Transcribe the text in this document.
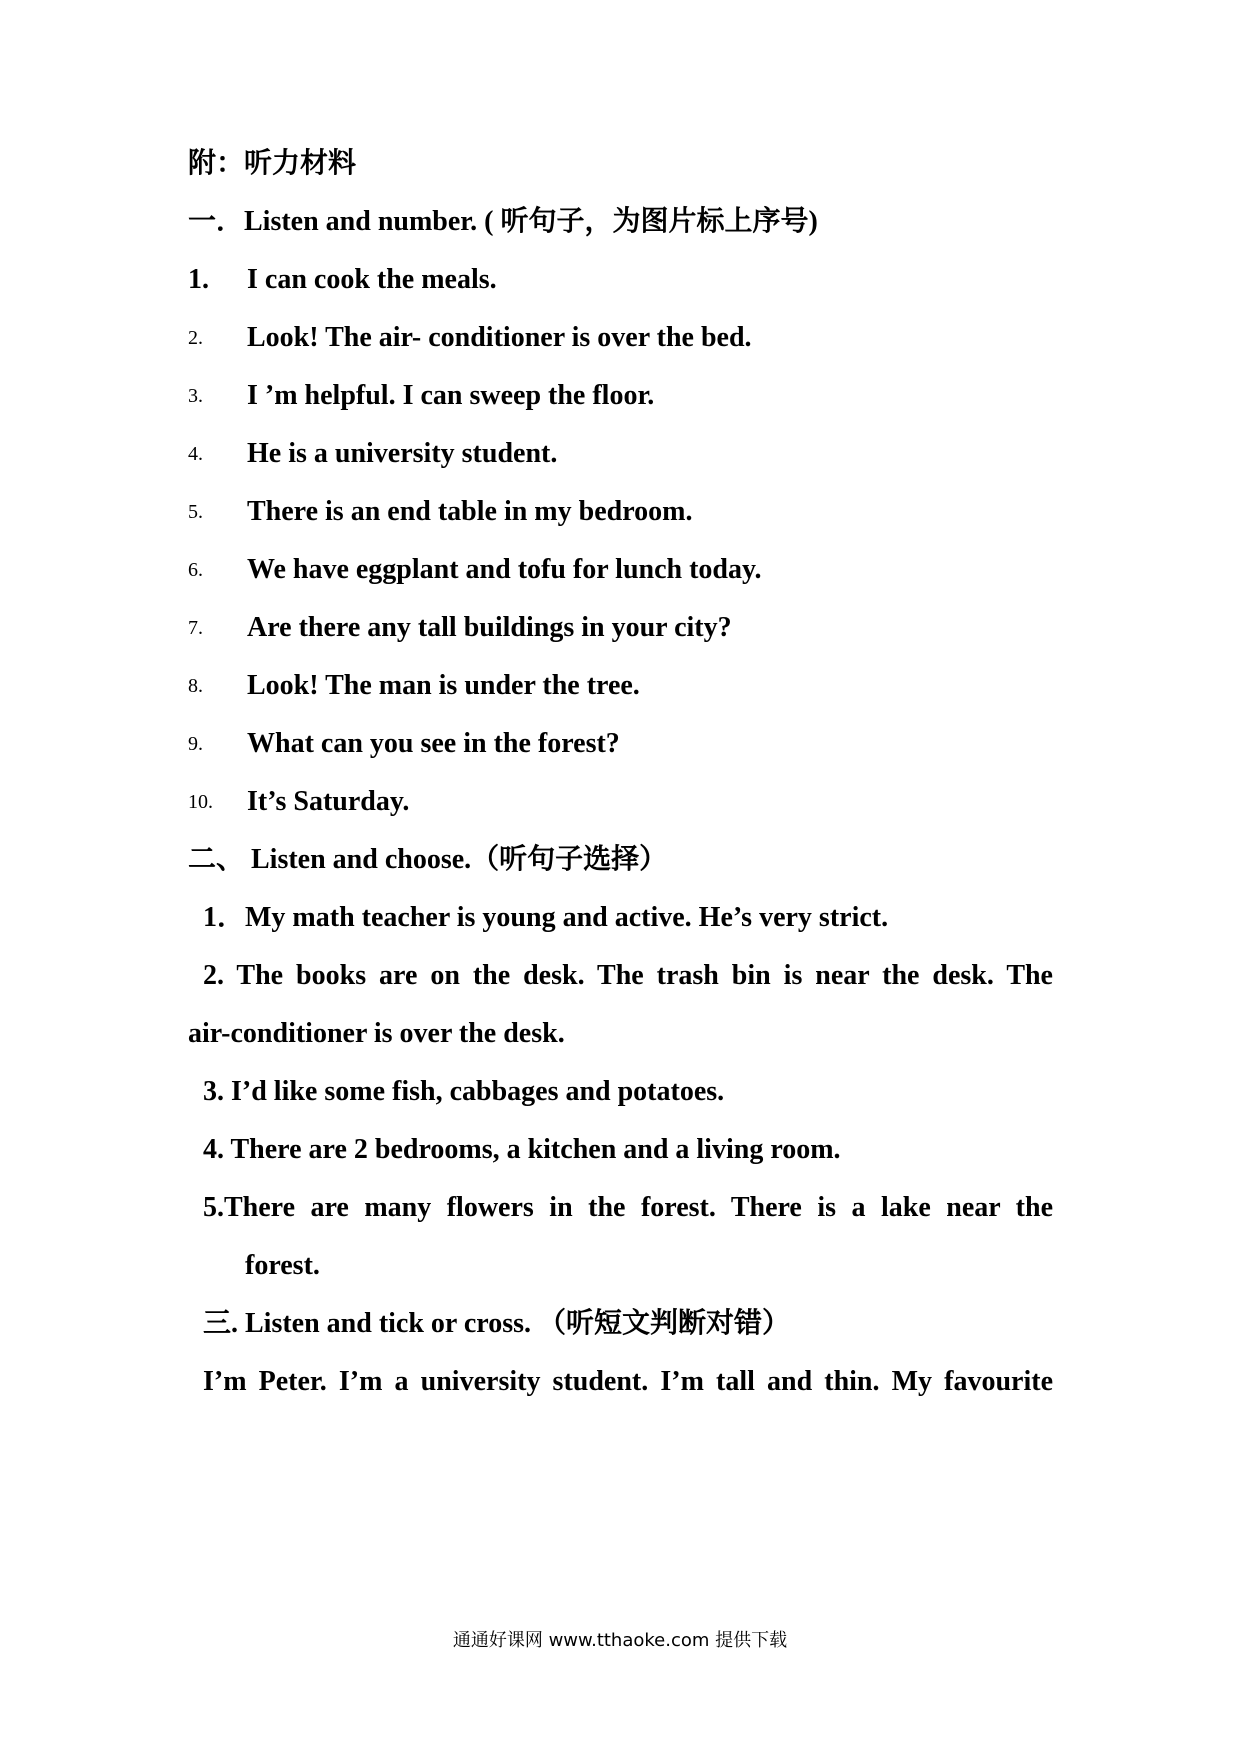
附：听力材料
一．Listen and number. ( 听句子，为图片标上序号)
1. I can cook the meals.
2. Look! The air- conditioner is over the bed.
3. I ’m helpful. I can sweep the floor.
4. He is a university student.
5. There is an end table in my bedroom.
6. We have eggplant and tofu for lunch today.
7. Are there any tall buildings in your city?
8. Look! The man is under the tree.
9. What can you see in the forest?
10. It’s Saturday.
二、 Listen and choose.（听句子选择）
1．My math teacher is young and active. He’s very strict.
2. The books are on the desk. The trash bin is near the desk. The
air-conditioner is over the desk.
3. I’d like some fish, cabbages and potatoes.
4. There are 2 bedrooms, a kitchen and a living room.
5.There are many flowers in the forest. There is a lake near the
forest.
三. Listen and tick or cross. （听短文判断对错）
I’m Peter. I’m a university student. I’m tall and thin. My favourite
通通好课网 www.tthaoke.com 提供下载
